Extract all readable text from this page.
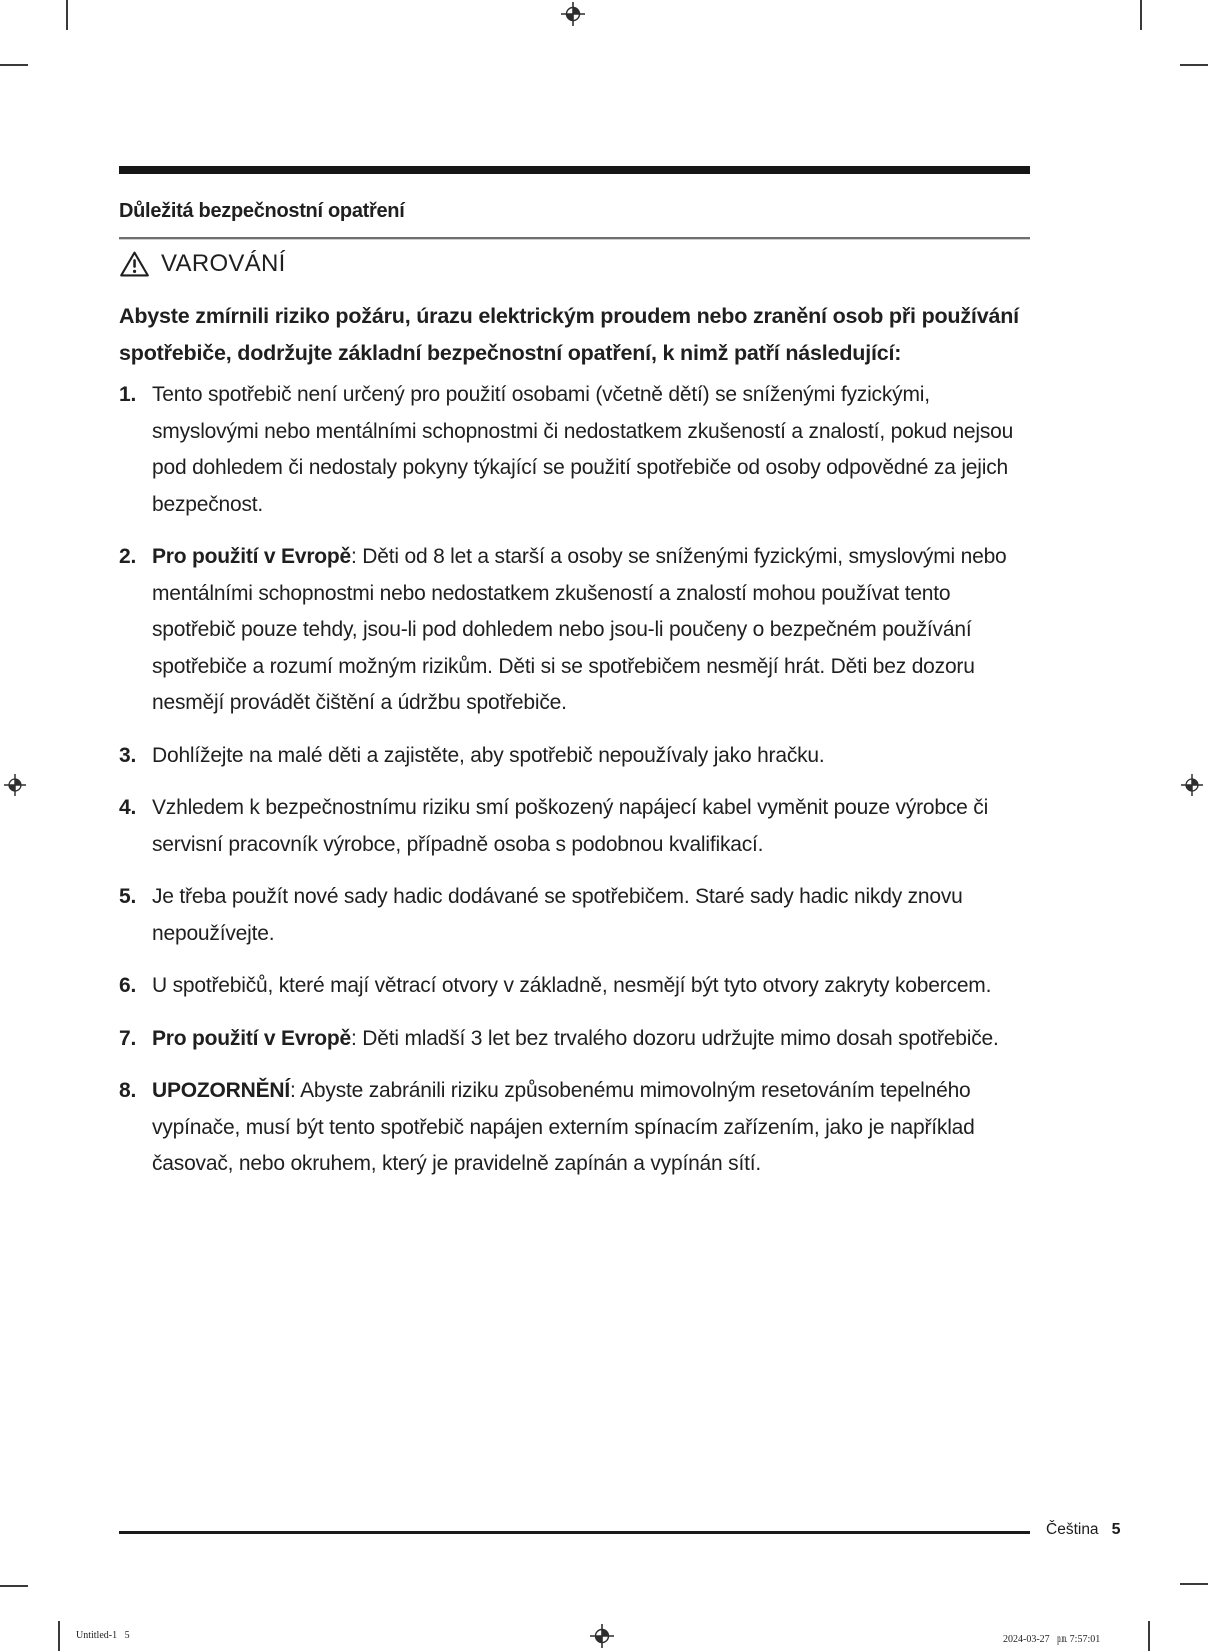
Důležitá bezpečnostní opatření
VAROVÁNÍ
Abyste zmírnili riziko požáru, úrazu elektrickým proudem nebo zranění osob při používání spotřebiče, dodržujte základní bezpečnostní opatření, k nimž patří následující:
1. Tento spotřebič není určený pro použití osobami (včetně dětí) se sníženými fyzickými, smyslovými nebo mentálními schopnostmi či nedostatkem zkušeností a znalostí, pokud nejsou pod dohledem či nedostaly pokyny týkající se použití spotřebiče od osoby odpovědné za jejich bezpečnost.
2. Pro použití v Evropě: Děti od 8 let a starší a osoby se sníženými fyzickými, smyslovými nebo mentálními schopnostmi nebo nedostatkem zkušeností a znalostí mohou používat tento spotřebič pouze tehdy, jsou-li pod dohledem nebo jsou-li poučeny o bezpečném používání spotřebiče a rozumí možným rizikům. Děti si se spotřebičem nesmějí hrát. Děti bez dozoru nesmějí provádět čištění a údržbu spotřebiče.
3. Dohlížejte na malé děti a zajistěte, aby spotřebič nepoužívaly jako hračku.
4. Vzhledem k bezpečnostnímu riziku smí poškozený napájecí kabel vyměnit pouze výrobce či servisní pracovník výrobce, případně osoba s podobnou kvalifikací.
5. Je třeba použít nové sady hadic dodávané se spotřebičem. Staré sady hadic nikdy znovu nepoužívejte.
6. U spotřebičů, které mají větrací otvory v základně, nesmějí být tyto otvory zakryty kobercem.
7. Pro použití v Evropě: Děti mladší 3 let bez trvalého dozoru udržujte mimo dosah spotřebiče.
8. UPOZORNĚNÍ: Abyste zabránili riziku způsobenému mimovolným resetováním tepelného vypínače, musí být tento spotřebič napájen externím spínacím zařízením, jako je například časovač, nebo okruhem, který je pravidelně zapínán a vypínán sítí.
Čeština 5
Untitled-1   5	2024-03-27   ㏘ 7:57:01
